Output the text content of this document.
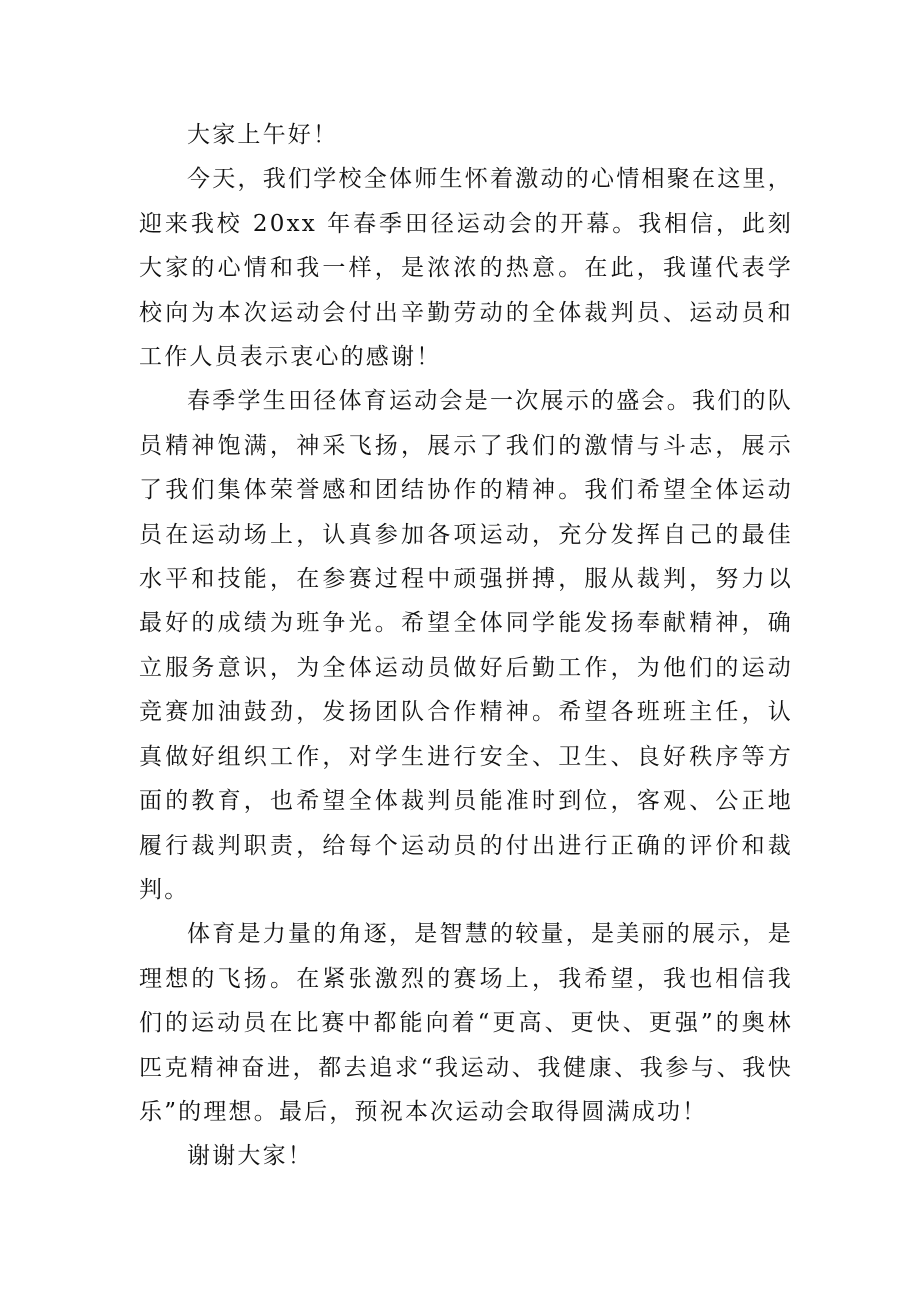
大家上午好！

今天，我们学校全体师生怀着激动的心情相聚在这里，迎来我校 20xx 年春季田径运动会的开幕。我相信，此刻大家的心情和我一样，是浓浓的热意。在此，我谨代表学校向为本次运动会付出辛勤劳动的全体裁判员、运动员和工作人员表示衷心的感谢！

春季学生田径体育运动会是一次展示的盛会。我们的队员精神饱满，神采飞扬，展示了我们的激情与斗志，展示了我们集体荣誉感和团结协作的精神。我们希望全体运动员在运动场上，认真参加各项运动，充分发挥自己的最佳水平和技能，在参赛过程中顽强拼搏，服从裁判，努力以最好的成绩为班争光。希望全体同学能发扬奉献精神，确立服务意识，为全体运动员做好后勤工作，为他们的运动竞赛加油鼓劲，发扬团队合作精神。希望各班班主任，认真做好组织工作，对学生进行安全、卫生、良好秩序等方面的教育，也希望全体裁判员能准时到位，客观、公正地履行裁判职责，给每个运动员的付出进行正确的评价和裁判。

体育是力量的角逐，是智慧的较量，是美丽的展示，是理想的飞扬。在紧张激烈的赛场上，我希望，我也相信我们的运动员在比赛中都能向着“更高、更快、更强”的奥林匹克精神奋进，都去追求“我运动、我健康、我参与、我快乐”的理想。最后，预祝本次运动会取得圆满成功！

谢谢大家！
